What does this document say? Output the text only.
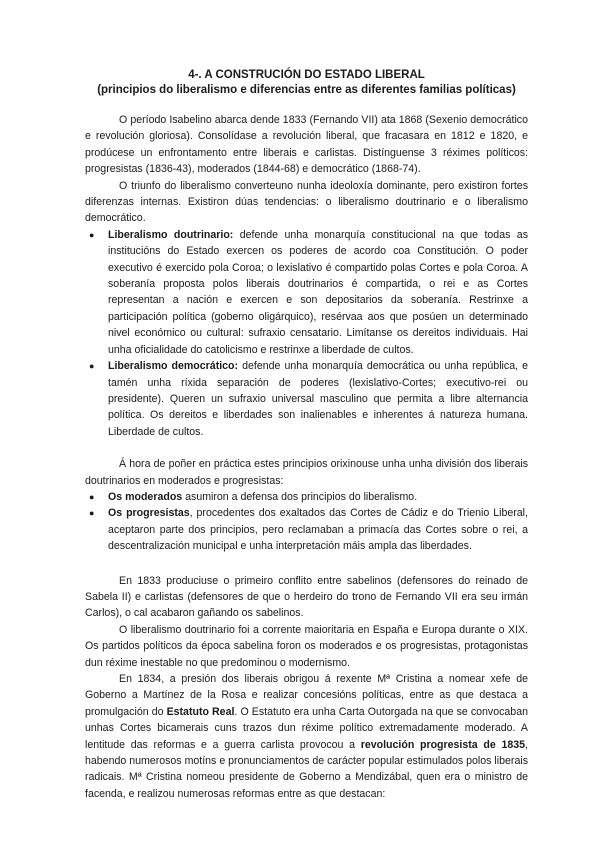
4-. A CONSTRUCIÓN DO ESTADO LIBERAL
(principios do liberalismo e diferencias entre as diferentes familias políticas)

O período Isabelino abarca dende 1833 (Fernando VII) ata 1868 (Sexenio democrático e revolución gloriosa). Consolídase a revolución liberal, que fracasara en 1812 e 1820, e prodúcese un enfrontamento entre liberais e carlistas. Distínguense 3 réximes políticos: progresistas (1836-43), moderados (1844-68) e democrático (1868-74).

O triunfo do liberalismo converteuno nunha ideoloxía dominante, pero existiron fortes diferenzas internas. Existiron dúas tendencias: o liberalismo doutrinario e o liberalismo democrático.

● Liberalismo doutrinario: defende unha monarquía constitucional na que todas as institucións do Estado exercen os poderes de acordo coa Constitución. O poder executivo é exercido pola Coroa; o lexislativo é compartido polas Cortes e pola Coroa. A soberanía proposta polos liberais doutrinarios é compartida, o rei e as Cortes representan a nación e exercen e son depositarios da soberanía. Restrinxe a participación política (goberno oligárquico), resérvaa aos que posúen un determinado nivel económico ou cultural: sufraxio censatario. Limítanse os dereitos individuais. Hai unha oficialidade do catolicismo e restrinxe a liberdade de cultos.
● Liberalismo democrático: defende unha monarquía democrática ou unha república, e tamén unha ríxida separación de poderes (lexislativo-Cortes; executivo-rei ou presidente). Queren un sufraxio universal masculino que permita a libre alternancia política. Os dereitos e liberdades son inalienables e inherentes á natureza humana. Liberdade de cultos.

Á hora de poñer en práctica estes principios orixinouse unha unha división dos liberais doutrinarios en moderados e progresistas:

● Os moderados asumiron a defensa dos principios do liberalismo.
● Os progresistas, procedentes dos exaltados das Cortes de Cádiz e do Trienio Liberal, aceptaron parte dos principios, pero reclamaban a primacía das Cortes sobre o rei, a descentralización municipal e unha interpretación máis ampla das liberdades.

En 1833 produciuse o primeiro conflito entre sabelinos (defensores do reinado de Sabela II) e carlistas (defensores de que o herdeiro do trono de Fernando VII era seu irmán Carlos), o cal acabaron gañando os sabelinos.

O liberalismo doutrinario foi a corrente maioritaria en España e Europa durante o XIX. Os partidos políticos da época sabelina foron os moderados e os progresistas, protagonistas dun réxime inestable no que predominou o modernismo.

En 1834, a presión dos liberais obrigou á rexente Mª Cristina a nomear xefe de Goberno a Martínez de la Rosa e realizar concesións políticas, entre as que destaca a promulgación do Estatuto Real. O Estatuto era unha Carta Outorgada na que se convocaban unhas Cortes bicamerais cuns trazos dun réxime político extremadamente moderado. A lentitude das reformas e a guerra carlista provocou a revolución progresista de 1835, habendo numerosos motíns e pronunciamentos de carácter popular estimulados polos liberais radicais. Mª Cristina nomeou presidente de Goberno a Mendizábal, quen era o ministro de facenda, e realizou numerosas reformas entre as que destacan:
